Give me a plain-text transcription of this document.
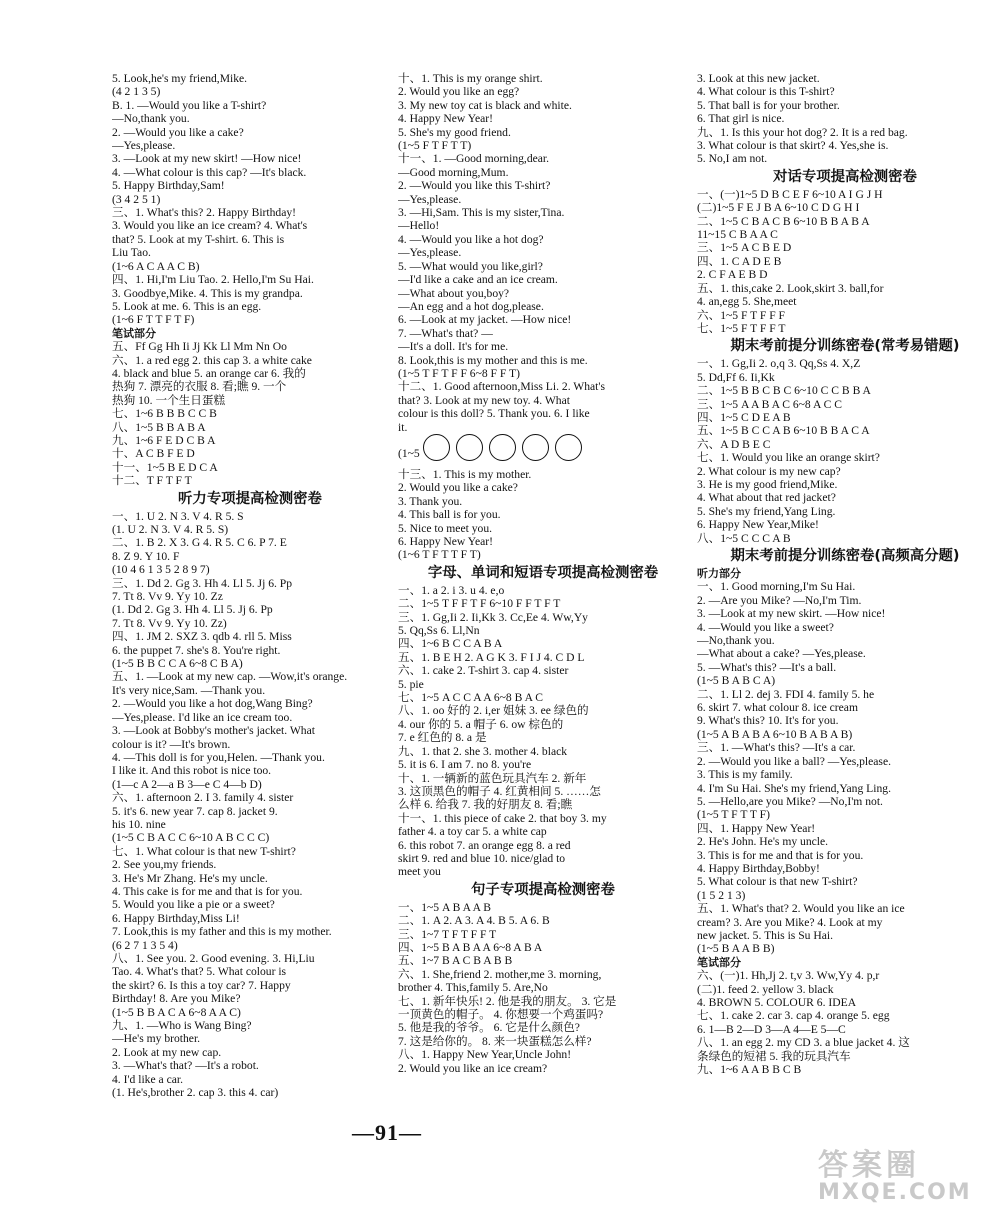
5. Look,he's my friend,Mike.
(4 2 1 3 5)
B. 1. —Would you like a T-shirt?
—No,thank you.
2. —Would you like a cake?
—Yes,please.
3. —Look at my new skirt! —How nice!
4. —What colour is this cap? —It's black.
5. Happy Birthday,Sam!
(3 4 2 5 1)
三、1. What's this? 2. Happy Birthday!
3. Would you like an ice cream? 4. What's
that? 5. Look at my T-shirt. 6. This is
Liu Tao.
(1~6 A C A A C B)
四、1. Hi,I'm Liu Tao. 2. Hello,I'm Su Hai.
3. Goodbye,Mike. 4. This is my grandpa.
5. Look at me. 6. This is an egg.
(1~6 F T T F T F)
笔试部分
五、Ff Gg Hh Ii Jj Kk Ll Mm Nn Oo
六、1. a red egg 2. this cap 3. a white cake
4. black and blue 5. an orange car 6. 我的
热狗 7. 漂亮的衣服 8. 看;瞧 9. 一个
热狗 10. 一个生日蛋糕
七、1~6 B B B C C B
八、1~5 B B A B A
九、1~6 F E D C B A
十、A C B F E D
十一、1~5 B E D C A
十二、T F T F T
听力专项提高检测密卷
一、1. U 2. N 3. V 4. R 5. S
(1. U 2. N 3. V 4. R 5. S)
二、1. B 2. X 3. G 4. R 5. C 6. P 7. E
8. Z 9. Y 10. F
(10 4 6 1 3 5 2 8 9 7)
三、1. Dd 2. Gg 3. Hh 4. Ll 5. Jj 6. Pp
7. Tt 8. Vv 9. Yy 10. Zz
(1. Dd 2. Gg 3. Hh 4. Ll 5. Jj 6. Pp
7. Tt 8. Vv 9. Yy 10. Zz)
四、1. JM 2. SXZ 3. qdb 4. rll 5. Miss
6. the puppet 7. she's 8. You're right.
(1~5 B B C C A 6~8 C B A)
五、1. —Look at my new cap. —Wow,it's orange.
It's very nice,Sam. —Thank you.
2. —Would you like a hot dog,Wang Bing?
—Yes,please. I'd like an ice cream too.
3. —Look at Bobby's mother's jacket. What
colour is it? —It's brown.
4. —This doll is for you,Helen. —Thank you.
I like it. And this robot is nice too.
(1—c A 2—a B 3—e C 4—b D)
六、1. afternoon 2. I 3. family 4. sister
5. it's 6. new year 7. cap 8. jacket 9.
his 10. nine
(1~5 C B A C C 6~10 A B C C C)
七、1. What colour is that new T-shirt?
2. See you,my friends.
3. He's Mr Zhang. He's my uncle.
4. This cake is for me and that is for you.
5. Would you like a pie or a sweet?
6. Happy Birthday,Miss Li!
7. Look,this is my father and this is my mother.
(6 2 7 1 3 5 4)
八、1. See you. 2. Good evening. 3. Hi,Liu
Tao. 4. What's that? 5. What colour is
the skirt? 6. Is this a toy car? 7. Happy
Birthday! 8. Are you Mike?
(1~5 B B A C A 6~8 A A C)
九、1. —Who is Wang Bing?
—He's my brother.
2. Look at my new cap.
3. —What's that? —It's a robot.
4. I'd like a car.
(1. He's,brother 2. cap 3. this 4. car)
十、1. This is my orange shirt.
2. Would you like an egg?
3. My new toy cat is black and white.
4. Happy New Year!
5. She's my good friend.
(1~5 F T F T T)
十一、1. —Good morning,dear.
—Good morning,Mum.
2. —Would you like this T-shirt?
—Yes,please.
3. —Hi,Sam. This is my sister,Tina.
—Hello!
4. —Would you like a hot dog?
—Yes,please.
5. —What would you like,girl?
—I'd like a cake and an ice cream.
—What about you,boy?
—An egg and a hot dog,please.
6. —Look at my jacket. —How nice!
7. —What's that? —
—It's a doll. It's for me.
8. Look,this is my mother and this is me.
(1~5 T F T F F 6~8 F F T)
十二、1. Good afternoon,Miss Li. 2. What's
that? 3. Look at my new toy. 4. What
colour is this doll? 5. Thank you. 6. I like
it.
(1~5
十三、1. This is my mother.
2. Would you like a cake?
3. Thank you.
4. This ball is for you.
5. Nice to meet you.
6. Happy New Year!
(1~6 T F T T F T)
字母、单词和短语专项提高检测密卷
一、1. a 2. i 3. u 4. e,o
二、1~5 T F F T F 6~10 F F T F T
三、1. Gg,Ii 2. Ii,Kk 3. Cc,Ee 4. Ww,Yy
5. Qq,Ss 6. Ll,Nn
四、1~6 B C C A B A
五、1. B E H 2. A G K 3. F I J 4. C D L
六、1. cake 2. T-shirt 3. cap 4. sister
5. pie
七、1~5 A C C A A 6~8 B A C
八、1. oo 好的 2. i,er 姐妹 3. ee 绿色的
4. our 你的 5. a 帽子 6. ow 棕色的
7. e 红色的 8. a 是
九、1. that 2. she 3. mother 4. black
5. it is 6. I am 7. no 8. you're
十、1. 一辆新的蓝色玩具汽车 2. 新年
3. 这顶黑色的帽子 4. 红黄相间 5. ……怎
么样 6. 给我 7. 我的好朋友 8. 看;瞧
十一、1. this piece of cake 2. that boy 3. my
father 4. a toy car 5. a white cap
6. this robot 7. an orange egg 8. a red
skirt 9. red and blue 10. nice/glad to
meet you
句子专项提高检测密卷
一、1~5 A B A A B
二、1. A 2. A 3. A 4. B 5. A 6. B
三、1~7 T F T F F T
四、1~5 B A B A A 6~8 A B A
五、1~7 B A C B A B B
六、1. She,friend 2. mother,me 3. morning,
brother 4. This,family 5. Are,No
七、1. 新年快乐! 2. 他是我的朋友。 3. 它是
一顶黄色的帽子。 4. 你想要一个鸡蛋吗?
5. 他是我的爷爷。 6. 它是什么颜色?
7. 这是给你的。 8. 来一块蛋糕怎么样?
八、1. Happy New Year,Uncle John!
2. Would you like an ice cream?
3. Look at this new jacket.
4. What colour is this T-shirt?
5. That ball is for your brother.
6. That girl is nice.
九、1. Is this your hot dog? 2. It is a red bag.
3. What colour is that skirt? 4. Yes,she is.
5. No,I am not.
对话专项提高检测密卷
一、(一)1~5 D B C E F 6~10 A I G J H
(二)1~5 F E J B A 6~10 C D G H I
二、1~5 C B A C B 6~10 B B A B A
11~15 C B A A C
三、1~5 A C B E D
四、1. C A D E B
2. C F A E B D
五、1. this,cake 2. Look,skirt 3. ball,for
4. an,egg 5. She,meet
六、1~5 F T F F F
七、1~5 F T F F T
期末考前提分训练密卷(常考易错题)
一、1. Gg,Ii 2. o,q 3. Qq,Ss 4. X,Z
5. Dd,Ff 6. Ii,Kk
二、1~5 B B C B C 6~10 C C B B A
三、1~5 A A B A C 6~8 A C C
四、1~5 C D E A B
五、1~5 B C C A B 6~10 B B A C A
六、A D B E C
七、1. Would you like an orange skirt?
2. What colour is my new cap?
3. He is my good friend,Mike.
4. What about that red jacket?
5. She's my friend,Yang Ling.
6. Happy New Year,Mike!
八、1~5 C C C A B
期末考前提分训练密卷(高频高分题)
听力部分
一、1. Good morning,I'm Su Hai.
2. —Are you Mike? —No,I'm Tim.
3. —Look at my new skirt. —How nice!
4. —Would you like a sweet?
—No,thank you.
—What about a cake? —Yes,please.
5. —What's this? —It's a ball.
(1~5 B A B C A)
二、1. Ll 2. dej 3. FDI 4. family 5. he
6. skirt 7. what colour 8. ice cream
9. What's this? 10. It's for you.
(1~5 A B A B A 6~10 B A B A B)
三、1. —What's this? —It's a car.
2. —Would you like a ball? —Yes,please.
3. This is my family.
4. I'm Su Hai. She's my friend,Yang Ling.
5. —Hello,are you Mike? —No,I'm not.
(1~5 T F T T F)
四、1. Happy New Year!
2. He's John. He's my uncle.
3. This is for me and that is for you.
4. Happy Birthday,Bobby!
5. What colour is that new T-shirt?
(1 5 2 1 3)
五、1. What's that? 2. Would you like an ice
cream? 3. Are you Mike? 4. Look at my
new jacket. 5. This is Su Hai.
(1~5 B A A B B)
笔试部分
六、(一)1. Hh,Jj 2. t,v 3. Ww,Yy 4. p,r
(二)1. feed 2. yellow 3. black
4. BROWN 5. COLOUR 6. IDEA
七、1. cake 2. car 3. cap 4. orange 5. egg
6. 1—B 2—D 3—A 4—E 5—C
八、1. an egg 2. my CD 3. a blue jacket 4. 这
条绿色的短裙 5. 我的玩具汽车
九、1~6 A A B B C B
—91—
答案圈
MXQE.COM
